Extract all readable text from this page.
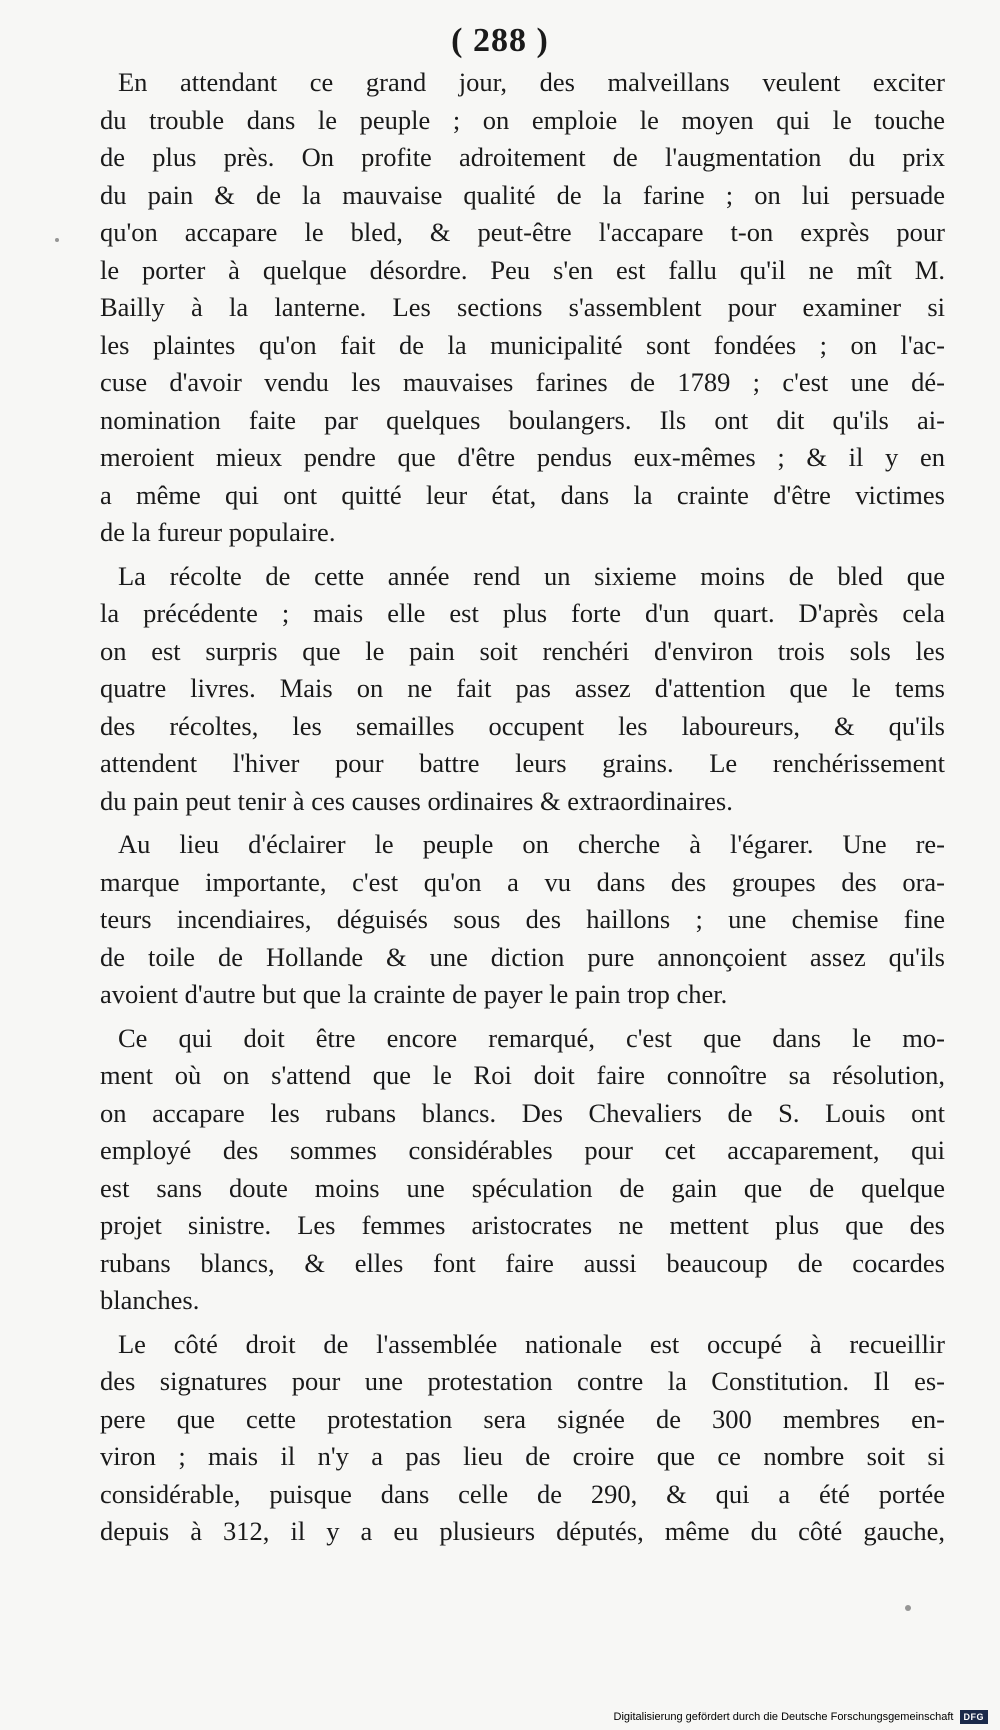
( 288 )

En attendant ce grand jour, des malveillans veulent exciter
du trouble dans le peuple ; on emploie le moyen qui le touche
de plus près. On profite adroitement de l'augmentation du prix
du pain & de la mauvaise qualité de la farine ; on lui persuade
qu'on accapare le bled, & peut-être l'accapare t-on exprès pour
le porter à quelque désordre. Peu s'en est fallu qu'il ne mît M.
Bailly à la lanterne. Les sections s'assemblent pour examiner si
les plaintes qu'on fait de la municipalité sont fondées ; on l'ac-
cuse d'avoir vendu les mauvaises farines de 1789 ; c'est une dé-
nomination faite par quelques boulangers. Ils ont dit qu'ils ai-
meroient mieux pendre que d'être pendus eux-mêmes ; & il y en
a même qui ont quitté leur état, dans la crainte d'être victimes
de la fureur populaire.

La récolte de cette année rend un sixieme moins de bled que
la précédente ; mais elle est plus forte d'un quart. D'après cela
on est surpris que le pain soit renchéri d'environ trois sols les
quatre livres. Mais on ne fait pas assez d'attention que le tems
des récoltes, les semailles occupent les laboureurs, & qu'ils
attendent l'hiver pour battre leurs grains. Le renchérissement
du pain peut tenir à ces causes ordinaires & extraordinaires.

Au lieu d'éclairer le peuple on cherche à l'égarer. Une re-
marque importante, c'est qu'on a vu dans des groupes des ora-
teurs incendiaires, déguisés sous des haillons ; une chemise fine
de toile de Hollande & une diction pure annonçoient assez qu'ils
avoient d'autre but que la crainte de payer le pain trop cher.

Ce qui doit être encore remarqué, c'est que dans le mo-
ment où on s'attend que le Roi doit faire connoître sa résolution,
on accapare les rubans blancs. Des Chevaliers de S. Louis ont
employé des sommes considérables pour cet accaparement, qui
est sans doute moins une spéculation de gain que de quelque
projet sinistre. Les femmes aristocrates ne mettent plus que des
rubans blancs, & elles font faire aussi beaucoup de cocardes
blanches.

Le côté droit de l'assemblée nationale est occupé à recueillir
des signatures pour une protestation contre la Constitution. Il es-
pere que cette protestation sera signée de 300 membres en-
viron ; mais il n'y a pas lieu de croire que ce nombre soit si
considérable, puisque dans celle de 290, & qui a été portée
depuis à 312, il y a eu plusieurs députés, même du côté gauche,

Digitalisierung gefördert durch die Deutsche Forschungsgemeinschaft	DFG
